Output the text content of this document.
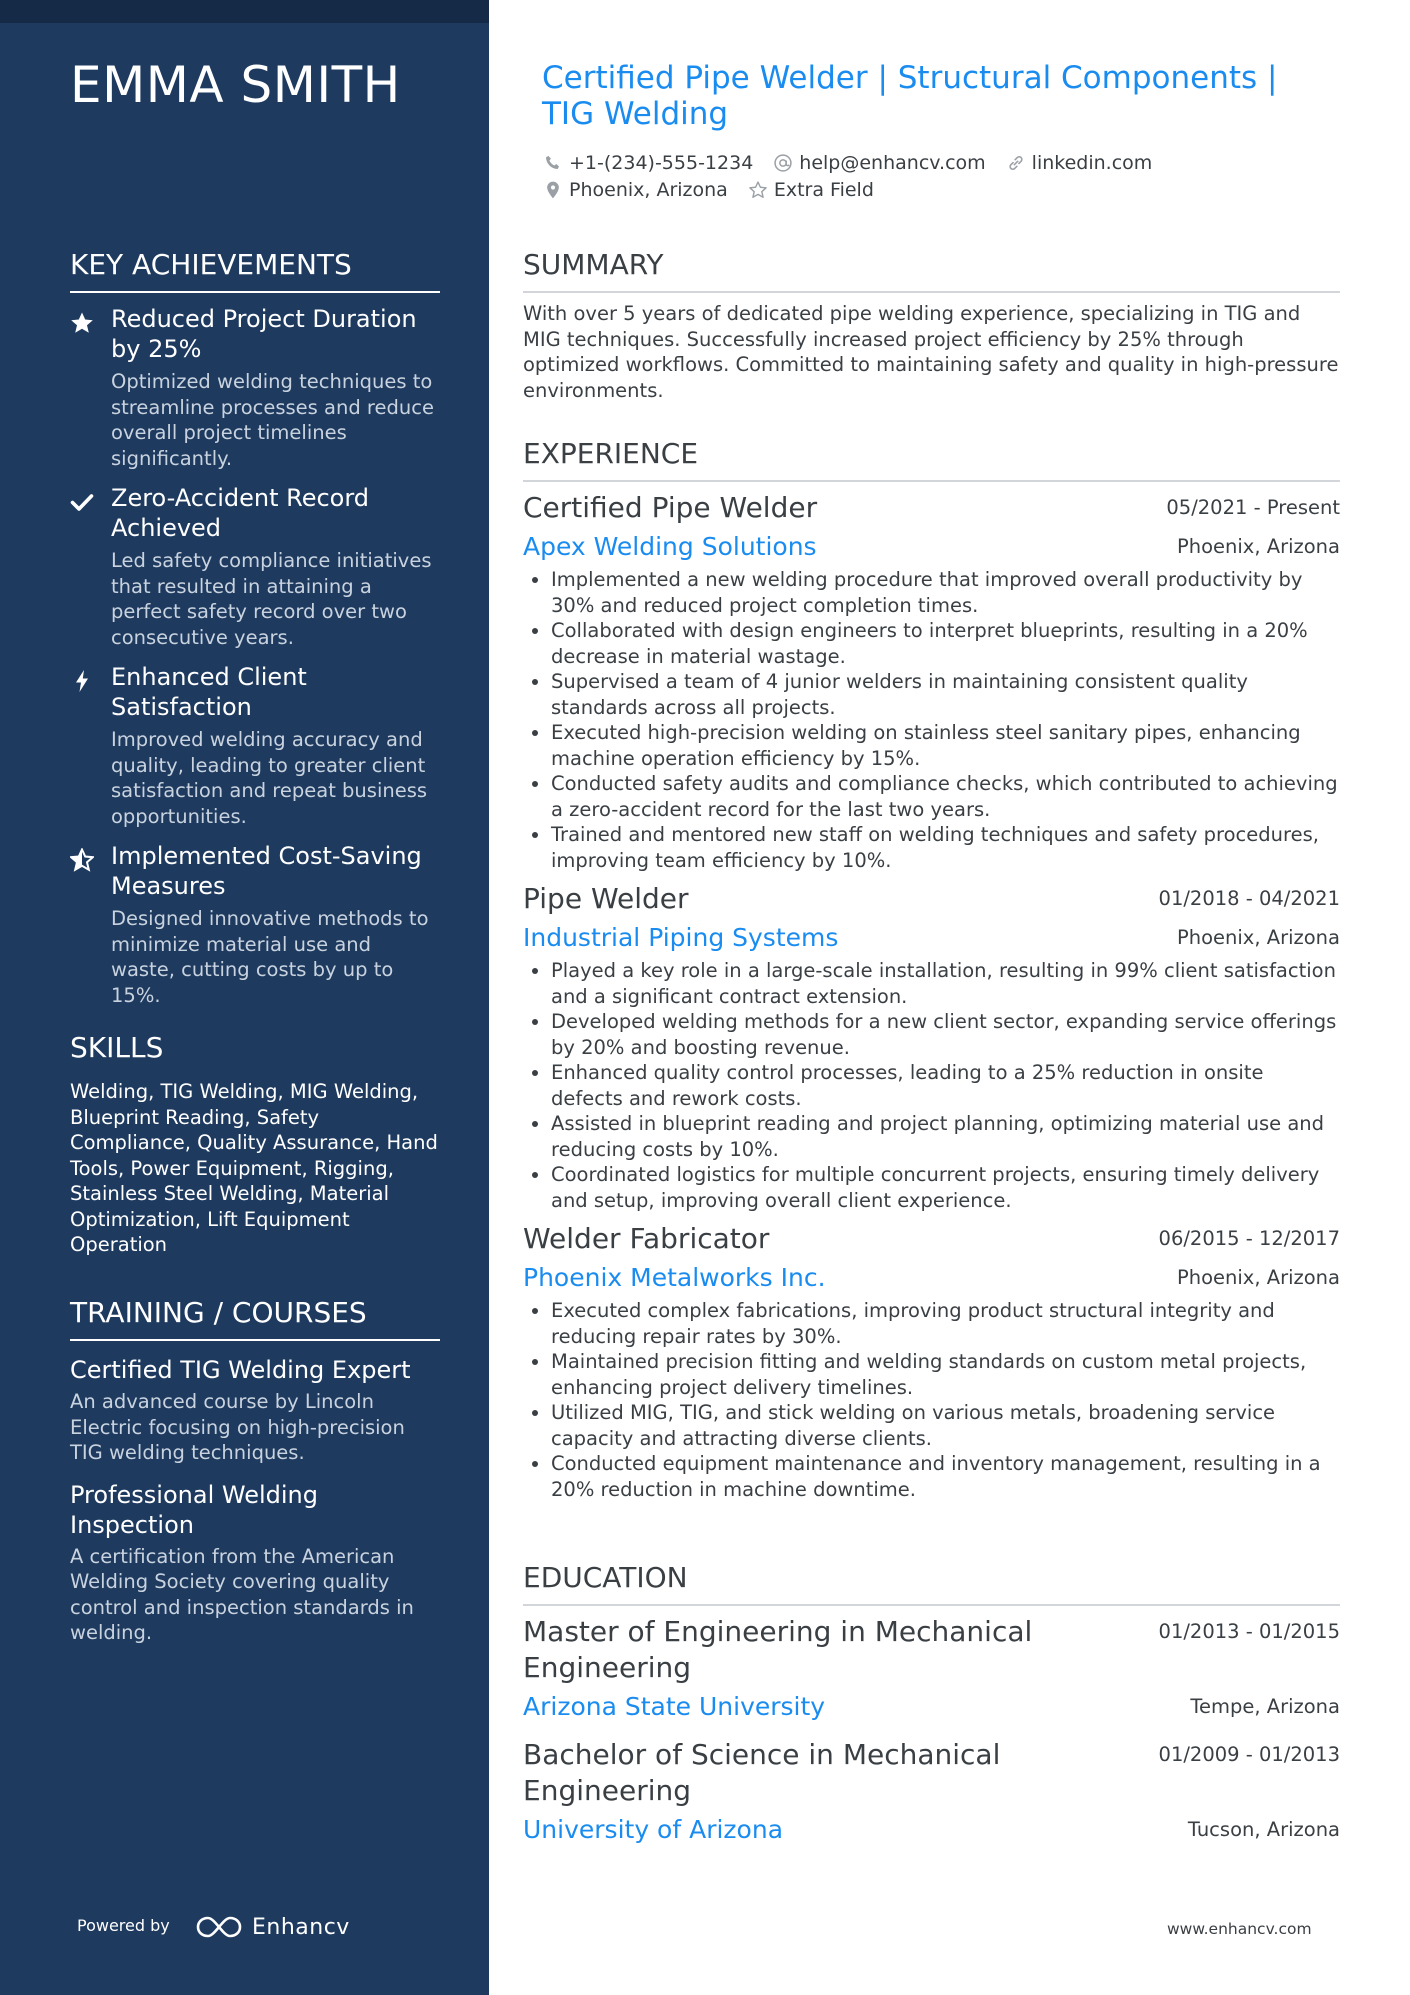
EMMA SMITH
KEY ACHIEVEMENTS
Reduced Project Duration by 25%
Optimized welding techniques to streamline processes and reduce overall project timelines significantly.
Zero-Accident Record Achieved
Led safety compliance initiatives that resulted in attaining a perfect safety record over two consecutive years.
Enhanced Client Satisfaction
Improved welding accuracy and quality, leading to greater client satisfaction and repeat business opportunities.
Implemented Cost-Saving Measures
Designed innovative methods to minimize material use and waste, cutting costs by up to 15%.
SKILLS
Welding, TIG Welding, MIG Welding, Blueprint Reading, Safety Compliance, Quality Assurance, Hand Tools, Power Equipment, Rigging, Stainless Steel Welding, Material Optimization, Lift Equipment Operation
TRAINING / COURSES
Certified TIG Welding Expert
An advanced course by Lincoln Electric focusing on high-precision TIG welding techniques.
Professional Welding Inspection
A certification from the American Welding Society covering quality control and inspection standards in welding.
Powered by	Enhancv
Certified Pipe Welder | Structural Components | TIG Welding
+1-(234)-555-1234 help@enhancv.com linkedin.com
Phoenix, Arizona Extra Field
SUMMARY
With over 5 years of dedicated pipe welding experience, specializing in TIG and MIG techniques. Successfully increased project efficiency by 25% through optimized workflows. Committed to maintaining safety and quality in high-pressure environments.
EXPERIENCE
Certified Pipe Welder	05/2021 - Present
Apex Welding Solutions	Phoenix, Arizona
• Implemented a new welding procedure that improved overall productivity by 30% and reduced project completion times.
• Collaborated with design engineers to interpret blueprints, resulting in a 20% decrease in material wastage.
• Supervised a team of 4 junior welders in maintaining consistent quality standards across all projects.
• Executed high-precision welding on stainless steel sanitary pipes, enhancing machine operation efficiency by 15%.
• Conducted safety audits and compliance checks, which contributed to achieving a zero-accident record for the last two years.
• Trained and mentored new staff on welding techniques and safety procedures, improving team efficiency by 10%.
Pipe Welder	01/2018 - 04/2021
Industrial Piping Systems	Phoenix, Arizona
• Played a key role in a large-scale installation, resulting in 99% client satisfaction and a significant contract extension.
• Developed welding methods for a new client sector, expanding service offerings by 20% and boosting revenue.
• Enhanced quality control processes, leading to a 25% reduction in onsite defects and rework costs.
• Assisted in blueprint reading and project planning, optimizing material use and reducing costs by 10%.
• Coordinated logistics for multiple concurrent projects, ensuring timely delivery and setup, improving overall client experience.
Welder Fabricator	06/2015 - 12/2017
Phoenix Metalworks Inc.	Phoenix, Arizona
• Executed complex fabrications, improving product structural integrity and reducing repair rates by 30%.
• Maintained precision fitting and welding standards on custom metal projects, enhancing project delivery timelines.
• Utilized MIG, TIG, and stick welding on various metals, broadening service capacity and attracting diverse clients.
• Conducted equipment maintenance and inventory management, resulting in a 20% reduction in machine downtime.
EDUCATION
Master of Engineering in Mechanical Engineering
01/2013 - 01/2015
Arizona State University	Tempe, Arizona
Bachelor of Science in Mechanical Engineering
01/2009 - 01/2013
University of Arizona	Tucson, Arizona
www.enhancv.com
